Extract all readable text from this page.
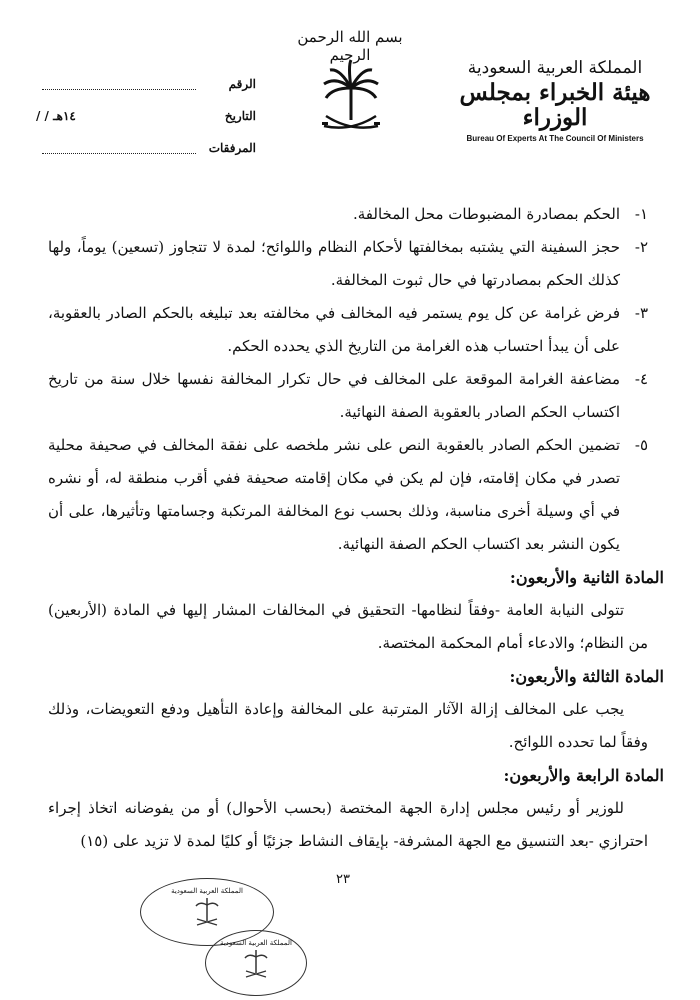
بسم الله الرحمن الرحيم
المملكة العربية السعودية
هيئة الخبراء بمجلس الوزراء
Bureau Of Experts At The Council Of Ministers
الرقم
التاريخ
/ / ١٤هـ
المرفقات
١-
الحكم بمصادرة المضبوطات محل المخالفة.
٢-
حجز السفينة التي يشتبه بمخالفتها لأحكام النظام واللوائح؛ لمدة لا تتجاوز (تسعين) يوماً، ولها كذلك الحكم بمصادرتها في حال ثبوت المخالفة.
٣-
فرض غرامة عن كل يوم يستمر فيه المخالف في مخالفته بعد تبليغه بالحكم الصادر بالعقوبة، على أن يبدأ احتساب هذه الغرامة من التاريخ الذي يحدده الحكم.
٤-
مضاعفة الغرامة الموقعة على المخالف في حال تكرار المخالفة نفسها خلال سنة من تاريخ اكتساب الحكم الصادر بالعقوبة الصفة النهائية.
٥-
تضمين الحكم الصادر بالعقوبة النص على نشر ملخصه على نفقة المخالف في صحيفة محلية تصدر في مكان إقامته، فإن لم يكن في مكان إقامته صحيفة ففي أقرب منطقة له، أو نشره في أي وسيلة أخرى مناسبة، وذلك بحسب نوع المخالفة المرتكبة وجسامتها وتأثيرها، على أن يكون النشر بعد اكتساب الحكم الصفة النهائية.
المادة الثانية والأربعون:
تتولى النيابة العامة -وفقاً لنظامها- التحقيق في المخالفات المشار إليها في المادة (الأربعين) من النظام؛ والادعاء أمام المحكمة المختصة.
المادة الثالثة والأربعون:
يجب على المخالف إزالة الآثار المترتبة على المخالفة وإعادة التأهيل ودفع التعويضات، وذلك وفقاً لما تحدده اللوائح.
المادة الرابعة والأربعون:
للوزير أو رئيس مجلس إدارة الجهة المختصة (بحسب الأحوال) أو من يفوضانه اتخاذ إجراء احترازي -بعد التنسيق مع الجهة المشرفة- بإيقاف النشاط جزئيًا أو كليًا لمدة لا تزيد على (١٥)
٢٣
المملكة العربية السعودية
المملكة العربية السعودية
